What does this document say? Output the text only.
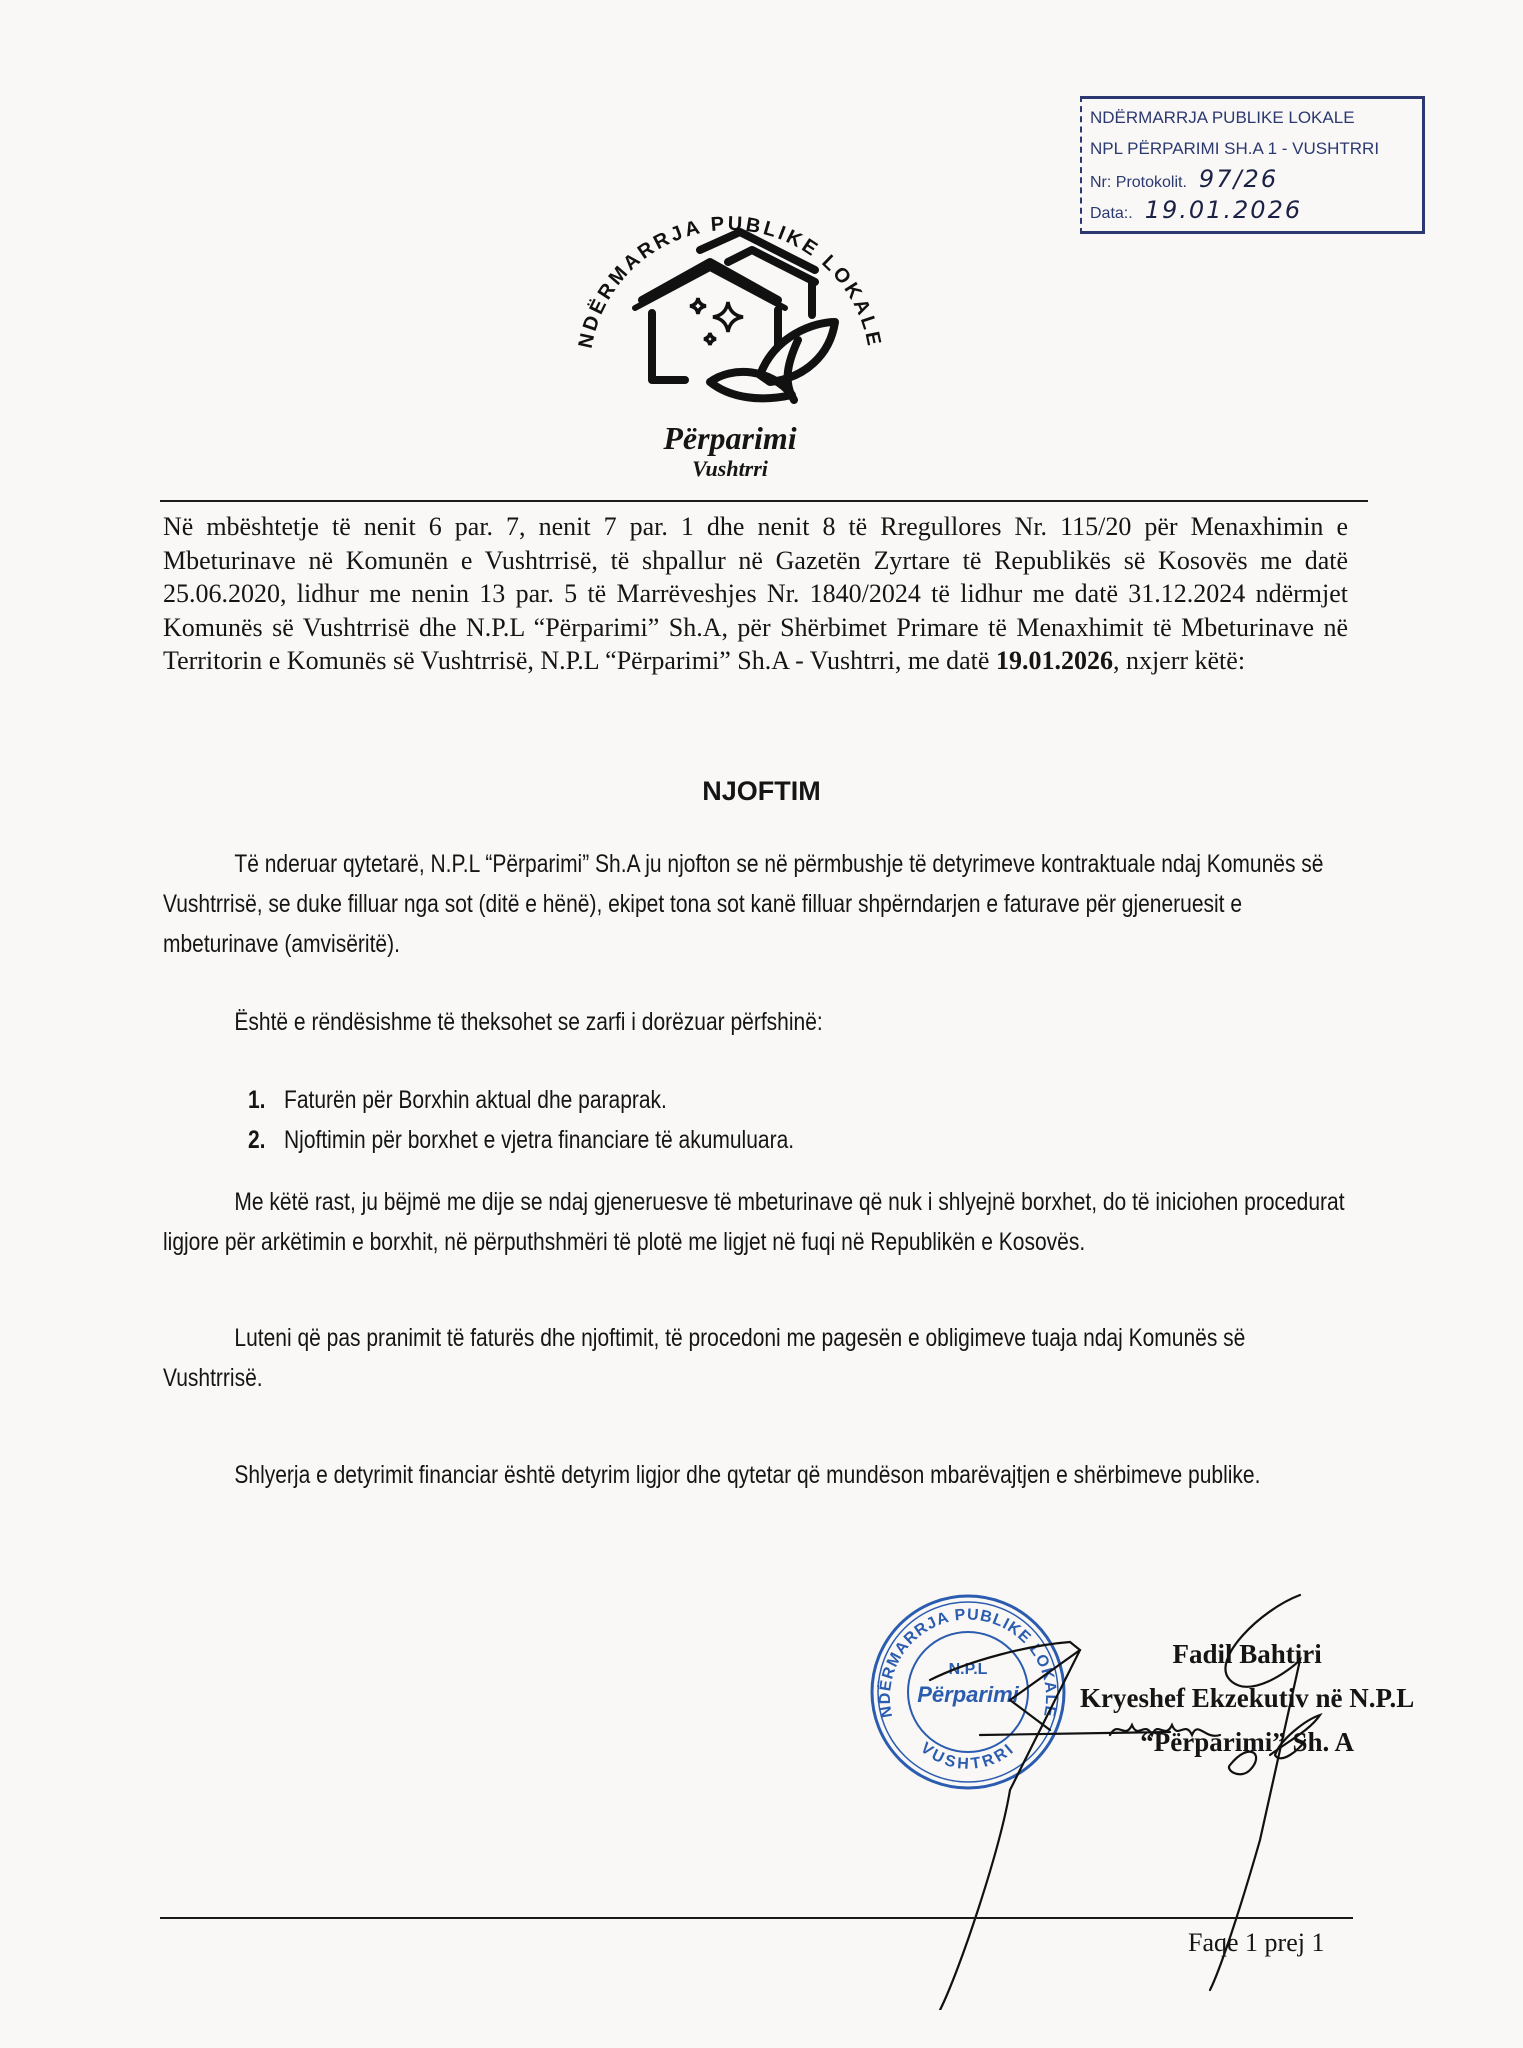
NDËRMARRJA PUBLIKE LOKALE
NPL PËRPARIMI SH.A 1 - VUSHTRRI
Nr: Protokolit. 97/26
Data:. 19.01.2026
NDËRMARRJA PUBLIKE LOKALE
Përparimi
Vushtrri
Në mbështetje të nenit 6 par. 7, nenit 7 par. 1 dhe nenit 8 të Rregullores Nr. 115/20 për Menaxhimin e Mbeturinave në Komunën e Vushtrrisë, të shpallur në Gazetën Zyrtare të Republikës së Kosovës me datë 25.06.2020, lidhur me nenin 13 par. 5 të Marrëveshjes Nr. 1840/2024 të lidhur me datë 31.12.2024 ndërmjet Komunës së Vushtrrisë dhe N.P.L “Përparimi” Sh.A, për Shërbimet Primare të Menaxhimit të Mbeturinave në Territorin e Komunës së Vushtrrisë, N.P.L “Përparimi” Sh.A - Vushtrri, me datë 19.01.2026, nxjerr këtë:
NJOFTIM
Të nderuar qytetarë, N.P.L “Përparimi” Sh.A ju njofton se në përmbushje të detyrimeve kontraktuale ndaj Komunës së Vushtrrisë, se duke filluar nga sot (ditë e hënë), ekipet tona sot kanë filluar shpërndarjen e faturave për gjeneruesit e mbeturinave (amvisëritë).
Është e rëndësishme të theksohet se zarfi i dorëzuar përfshinë:
1. Faturën për Borxhin aktual dhe paraprak.
2. Njoftimin për borxhet e vjetra financiare të akumuluara.
Me këtë rast, ju bëjmë me dije se ndaj gjeneruesve të mbeturinave që nuk i shlyejnë borxhet, do të iniciohen procedurat ligjore për arkëtimin e borxhit, në përputhshmëri të plotë me ligjet në fuqi në Republikën e Kosovës.
Luteni që pas pranimit të faturës dhe njoftimit, të procedoni me pagesën e obligimeve tuaja ndaj Komunës së Vushtrrisë.
Shlyerja e detyrimit financiar është detyrim ligjor dhe qytetar që mundëson mbarëvajtjen e shërbimeve publike.
NDËRMARRJA PUBLIKE LOKALE
N.P.L
Përparimi
VUSHTRRI
Fadil Bahtiri
Kryeshef Ekzekutiv në N.P.L
“Përparimi” Sh. A
Faqe 1 prej 1
